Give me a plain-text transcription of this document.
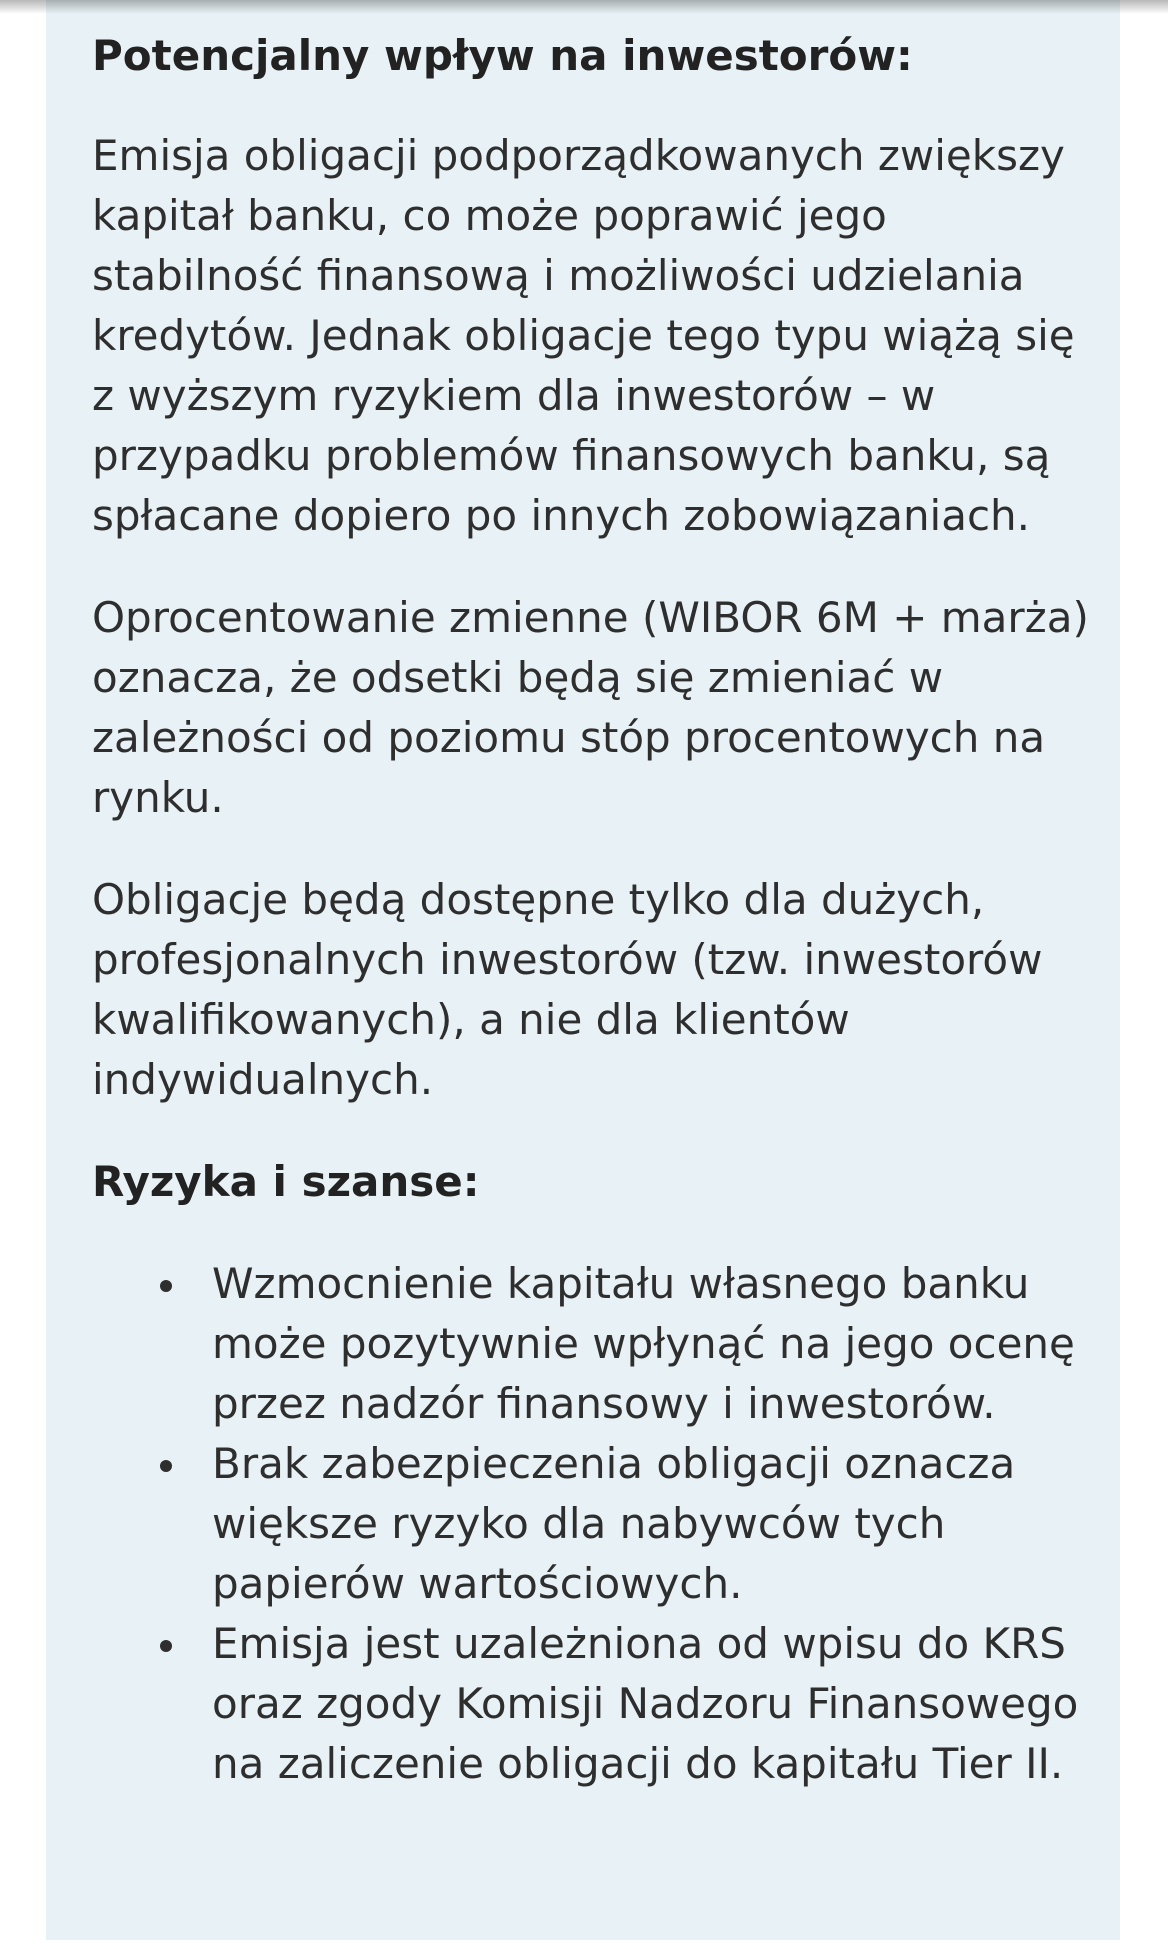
Potencjalny wpływ na inwestorów:

Emisja obligacji podporządkowanych zwiększy kapitał banku, co może poprawić jego stabilność finansową i możliwości udzielania kredytów. Jednak obligacje tego typu wiążą się z wyższym ryzykiem dla inwestorów – w przypadku problemów finansowych banku, są spłacane dopiero po innych zobowiązaniach.

Oprocentowanie zmienne (WIBOR 6M + marża) oznacza, że odsetki będą się zmieniać w zależności od poziomu stóp procentowych na rynku.

Obligacje będą dostępne tylko dla dużych, profesjonalnych inwestorów (tzw. inwestorów kwalifikowanych), a nie dla klientów indywidualnych.

Ryzyka i szanse:

Wzmocnienie kapitału własnego banku może pozytywnie wpłynąć na jego ocenę przez nadzór finansowy i inwestorów.
Brak zabezpieczenia obligacji oznacza większe ryzyko dla nabywców tych papierów wartościowych.
Emisja jest uzależniona od wpisu do KRS oraz zgody Komisji Nadzoru Finansowego na zaliczenie obligacji do kapitału Tier II.
